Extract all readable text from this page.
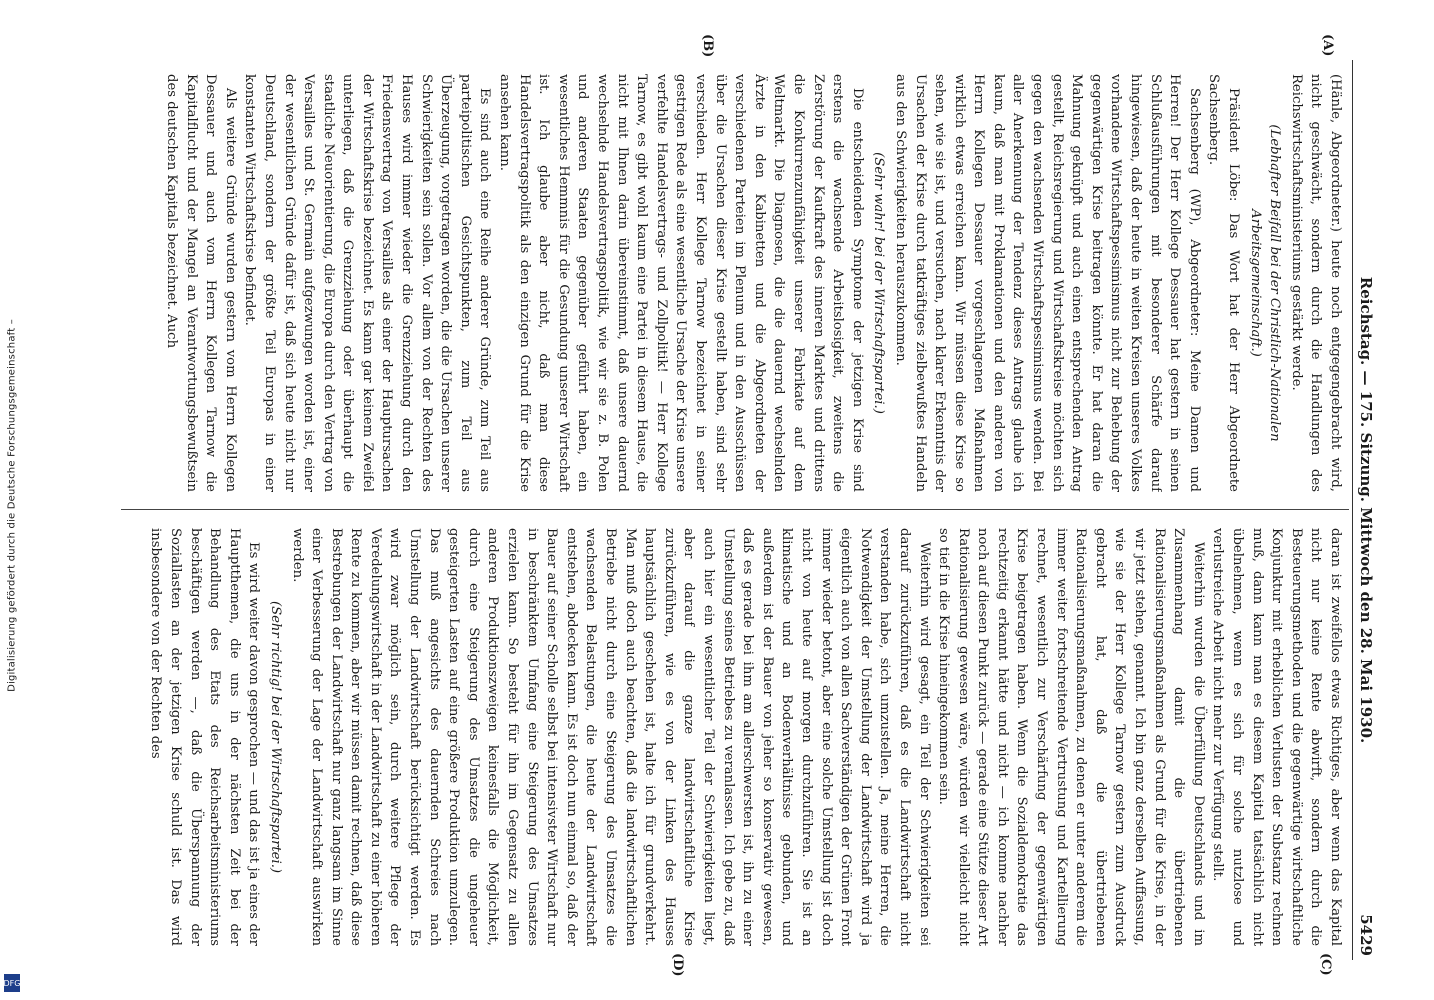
Digitalisierung gefördert durch die Deutsche Forschungsgemeinschaft –
DFG
Reichstag. — 175. Sitzung. Mittwoch den 28. Mai 1930.
5429
(A)
(B)
(C)
(D)

(Hänle, Abgeordneter.) heute noch entgegengebracht wird, nicht geschwächt, sondern durch die Handlungen des Reichswirtschaftsministeriums gestärkt werde.

(Lebhafter Beifall bei der Christlich-Nationalen Arbeitsgemeinschaft.)

Präsident Löbe: Das Wort hat der Herr Abgeordnete Sachsenberg.

Sachsenberg (WP), Abgeordneter: Meine Damen und Herren! Der Herr Kollege Dessauer hat gestern in seinen Schlußausführungen mit besonderer Schärfe darauf hingewiesen, daß der heute in weiten Kreisen unseres Volkes vorhandene Wirtschaftspessimismus nicht zur Behebung der gegenwärtigen Krise beitragen könnte. Er hat daran die Mahnung geknüpft und auch einen entsprechenden Antrag gestellt, Reichsregierung und Wirtschaftskreise möchten sich gegen den wachsenden Wirtschaftspessimismus wenden. Bei aller Anerkennung der Tendenz dieses Antrags glaube ich kaum, daß man mit Proklamationen und den anderen von Herrn Kollegen Dessauer vorgeschlagenen Maßnahmen wirklich etwas erreichen kann. Wir müssen diese Krise so sehen, wie sie ist, und versuchen, nach klarer Erkenntnis der Ursachen der Krise durch tatkräftiges zielbewußtes Handeln aus den Schwierigkeiten herauszukommen.

(Sehr wahr! bei der Wirtschaftspartei.)

Die entscheidenden Symptome der jetzigen Krise sind erstens die wachsende Arbeitslosigkeit, zweitens die Zerstörung der Kaufkraft des inneren Marktes und drittens die Konkurrenzunfähigkeit unserer Fabrikate auf dem Weltmarkt. Die Diagnosen, die die dauernd wechselnden Ärzte in den Kabinetten und die Abgeordneten der verschiedenen Parteien im Plenum und in den Ausschüssen über die Ursachen dieser Krise gestellt haben, sind sehr verschieden. Herr Kollege Tarnow bezeichnet in seiner gestrigen Rede als eine wesentliche Ursache der Krise unsere verfehlte Handelsvertrags- und Zollpolitik! — Herr Kollege Tarnow, es gibt wohl kaum eine Partei in diesem Hause, die nicht mit Ihnen darin übereinstimmt, daß unsere dauernd wechselnde Handelsvertragspolitik, wie wir sie z. B. Polen und anderen Staaten gegenüber geführt haben, ein wesentliches Hemmnis für die Gesundung unserer Wirtschaft ist. Ich glaube aber nicht, daß man diese Handelsvertragspolitik als den einzigen Grund für die Krise ansehen kann.

Es sind auch eine Reihe anderer Gründe, zum Teil aus parteipolitischen Gesichtspunkten, zum Teil aus Überzeugung, vorgetragen worden, die die Ursachen unserer Schwierigkeiten sein sollen. Vor allem von der Rechten des Hauses wird immer wieder die Grenzziehung durch den Friedensvertrag von Versailles als einer der Hauptursachen der Wirtschaftskrise bezeichnet. Es kann gar keinem Zweifel unterliegen, daß die Grenzziehung oder überhaupt die staatliche Neuorientierung, die Europa durch den Vertrag von Versailles und St. Germain aufgezwungen worden ist, einer der wesentlichen Gründe dafür ist, daß sich heute nicht nur Deutschland, sondern der größte Teil Europas in einer konstanten Wirtschaftskrise befindet.

Als weitere Gründe wurden gestern vom Herrn Kollegen Dessauer und auch vom Herrn Kollegen Tarnow die Kapitalflucht und der Mangel an Verantwortungsbewußtsein des deutschen Kapitals bezeichnet. Auch

daran ist zweifellos etwas Richtiges, aber wenn das Kapital nicht nur keine Rente abwirft, sondern durch die Besteuerungsmethoden und die gegenwärtige wirtschaftliche Konjunktur mit erheblichen Verlusten der Substanz rechnen muß, dann kann man es diesem Kapital tatsächlich nicht übelnehmen, wenn es sich für solche nutzlose und verlustreiche Arbeit nicht mehr zur Verfügung stellt.

Weiterhin wurden die Überfüllung Deutschlands und im Zusammenhang damit die übertriebenen Rationalisierungsmaßnahmen als Grund für die Krise, in der wir jetzt stehen, genannt. Ich bin ganz derselben Auffassung, wie sie der Herr Kollege Tarnow gestern zum Ausdruck gebracht hat, daß die übertriebenen Rationalisierungsmaßnahmen, zu denen er unter anderem die immer weiter fortschreitende Vertrustung und Kartellierung rechnet, wesentlich zur Verschärfung der gegenwärtigen Krise beigetragen haben. Wenn die Sozialdemokratie das rechtzeitig erkannt hätte und nicht — ich komme nachher noch auf diesen Punkt zurück — gerade eine Stütze dieser Art Rationalisierung gewesen wäre, würden wir vielleicht nicht so tief in die Krise hineingekommen sein.

Weiterhin wird gesagt, ein Teil der Schwierigkeiten sei darauf zurückzuführen, daß es die Landwirtschaft nicht verstanden habe, sich umzustellen. Ja, meine Herren, die Notwendigkeit der Umstellung der Landwirtschaft wird ja eigentlich auch von allen Sachverständigen der Grünen Front immer wieder betont, aber eine solche Umstellung ist doch nicht von heute auf morgen durchzuführen. Sie ist an klimatische und an Bodenverhältnisse gebunden, und außerdem ist der Bauer von jeher so konservativ gewesen, daß es gerade bei ihm am allerschwersten ist, ihn zu einer Umstellung seines Betriebes zu veranlassen. Ich gebe zu, daß auch hier ein wesentlicher Teil der Schwierigkeiten liegt, aber darauf die ganze landwirtschaftliche Krise zurückzuführen, wie es von der Linken des Hauses hauptsächlich geschehen ist, halte ich für grundverkehrt. Man muß doch auch beachten, daß die landwirtschaftlichen Betriebe nicht durch eine Steigerung des Umsatzes die wachsenden Belastungen, die heute der Landwirtschaft entstehen, abdecken kann. Es ist doch nun einmal so, daß der Bauer auf seiner Scholle selbst bei intensivster Wirtschaft nur in beschränktem Umfang eine Steigerung des Umsatzes erzielen kann. So besteht für ihn im Gegensatz zu allen anderen Produktionszweigen keinesfalls die Möglichkeit, durch eine Steigerung des Umsatzes die ungeheuer gesteigerten Lasten auf eine größere Produktion umzulegen. Das muß angesichts des dauernden Schreies nach Umstellung der Landwirtschaft berücksichtigt werden. Es wird zwar möglich sein, durch weitere Pflege der Veredelungswirtschaft in der Landwirtschaft zu einer höheren Rente zu kommen, aber wir müssen damit rechnen, daß diese Bestrebungen der Landwirtschaft nur ganz langsam im Sinne einer Verbesserung der Lage der Landwirtschaft auswirken werden.

(Sehr richtig! bei der Wirtschaftspartei.)

Es wird weiter davon gesprochen — und das ist ja eines der Hauptthemen, die uns in der nächsten Zeit bei der Behandlung des Etats des Reichsarbeitsministeriums beschäftigen werden —, daß die Überspannung der Soziallasten an der jetzigen Krise schuld ist. Das wird insbesondere von der Rechten des
